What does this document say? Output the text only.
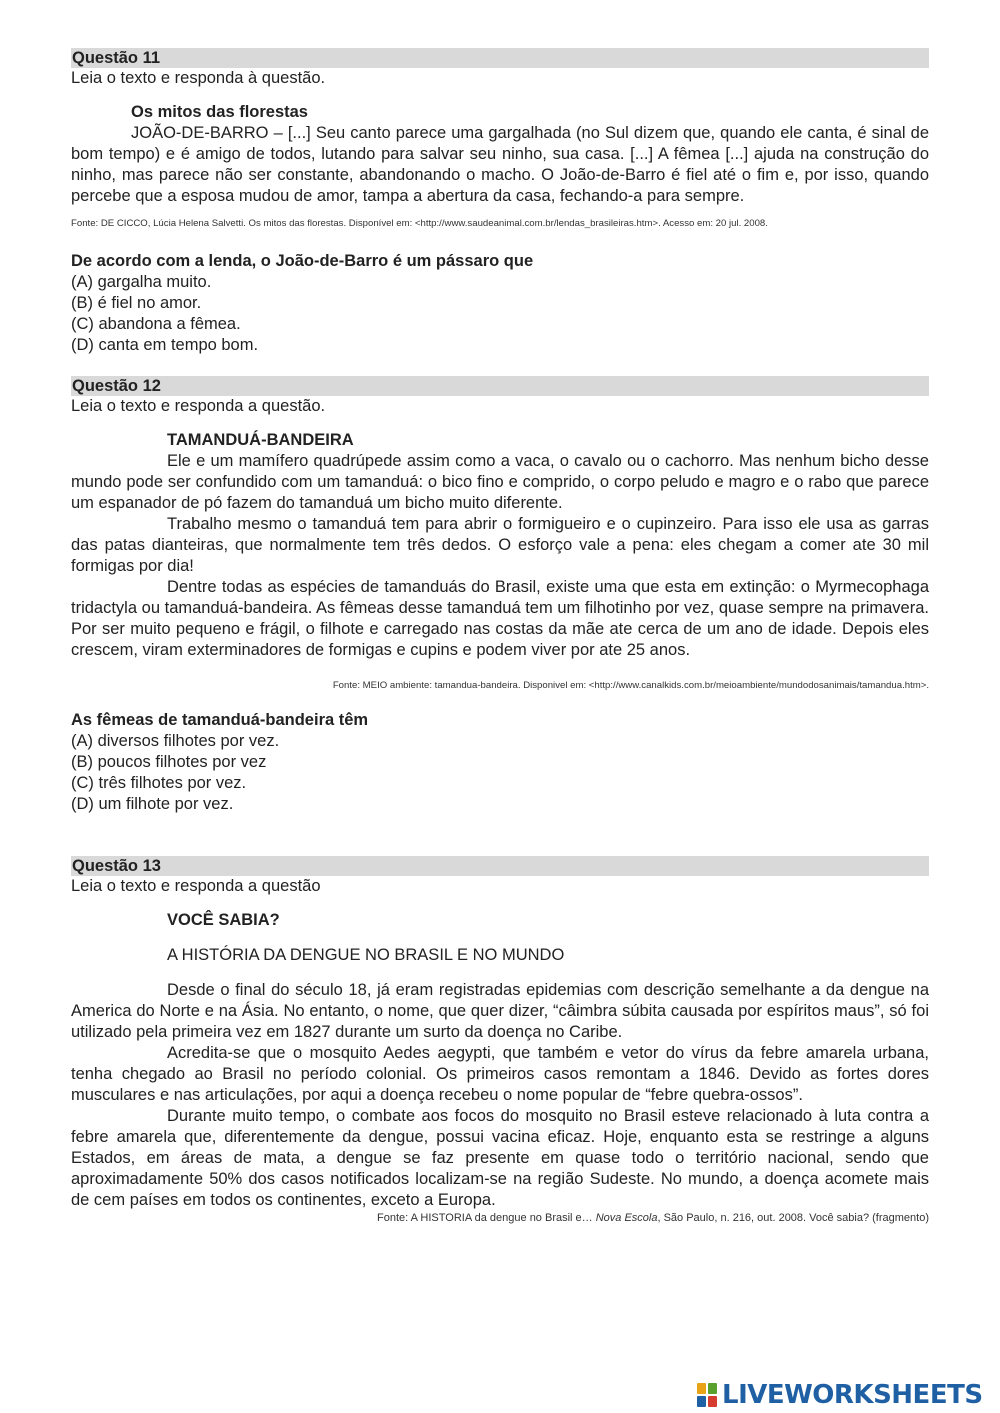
Questão 11

Leia o texto e responda à questão.

Os mitos das florestas

JOÃO-DE-BARRO – [...] Seu canto parece uma gargalhada (no Sul dizem que, quando ele canta, é sinal de bom tempo) e é amigo de todos, lutando para salvar seu ninho, sua casa. [...] A fêmea [...] ajuda na construção do ninho, mas parece não ser constante, abandonando o macho. O João-de-Barro é fiel até o fim e, por isso, quando percebe que a esposa mudou de amor, tampa a abertura da casa, fechando-a para sempre.

Fonte: DE CICCO, Lúcia Helena Salvetti. Os mitos das florestas. Disponível em: <http://www.saudeanimal.com.br/lendas_brasileiras.htm>. Acesso em: 20 jul. 2008.

De acordo com a lenda, o João-de-Barro é um pássaro que

(A) gargalha muito.

(B) é fiel no amor.

(C) abandona a fêmea.

(D) canta em tempo bom.

Questão 12

Leia o texto e responda a questão.

TAMANDUÁ-BANDEIRA

Ele e um mamífero quadrúpede assim como a vaca, o cavalo ou o cachorro. Mas nenhum bicho desse mundo pode ser confundido com um tamanduá: o bico fino e comprido, o corpo peludo e magro e o rabo que parece um espanador de pó fazem do tamanduá um bicho muito diferente.

Trabalho mesmo o tamanduá tem para abrir o formigueiro e o cupinzeiro. Para isso ele usa as garras das patas dianteiras, que normalmente tem três dedos. O esforço vale a pena: eles chegam a comer ate 30 mil formigas por dia!

Dentre todas as espécies de tamanduás do Brasil, existe uma que esta em extinção: o Myrmecophaga tridactyla ou tamanduá-bandeira. As fêmeas desse tamanduá tem um filhotinho por vez, quase sempre na primavera. Por ser muito pequeno e frágil, o filhote e carregado nas costas da mãe ate cerca de um ano de idade. Depois eles crescem, viram exterminadores de formigas e cupins e podem viver por ate 25 anos.

Fonte: MEIO ambiente: tamandua-bandeira. Disponivel em: <http://www.canalkids.com.br/meioambiente/mundodosanimais/tamandua.htm>.

As fêmeas de tamanduá-bandeira têm

(A) diversos filhotes por vez.

(B) poucos filhotes por vez

(C) três filhotes por vez.

(D) um filhote por vez.

Questão 13

Leia o texto e responda a questão

VOCÊ SABIA?
A HISTÓRIA DA DENGUE NO BRASIL E NO MUNDO

Desde o final do século 18, já eram registradas epidemias com descrição semelhante a da dengue na America do Norte e na Ásia. No entanto, o nome, que quer dizer, “câimbra súbita causada por espíritos maus”, só foi utilizado pela primeira vez em 1827 durante um surto da doença no Caribe.

Acredita-se que o mosquito Aedes aegypti, que também e vetor do vírus da febre amarela urbana, tenha chegado ao Brasil no período colonial. Os primeiros casos remontam a 1846. Devido as fortes dores musculares e nas articulações, por aqui a doença recebeu o nome popular de “febre quebra-ossos”.

Durante muito tempo, o combate aos focos do mosquito no Brasil esteve relacionado à luta contra a febre amarela que, diferentemente da dengue, possui vacina eficaz. Hoje, enquanto esta se restringe a alguns Estados, em áreas de mata, a dengue se faz presente em quase todo o território nacional, sendo que aproximadamente 50% dos casos notificados localizam-se na região Sudeste. No mundo, a doença acomete mais de cem países em todos os continentes, exceto a Europa.

Fonte: A HISTORIA da dengue no Brasil e… Nova Escola, São Paulo, n. 216, out. 2008. Você sabia? (fragmento)
LIVEWORKSHEETS
